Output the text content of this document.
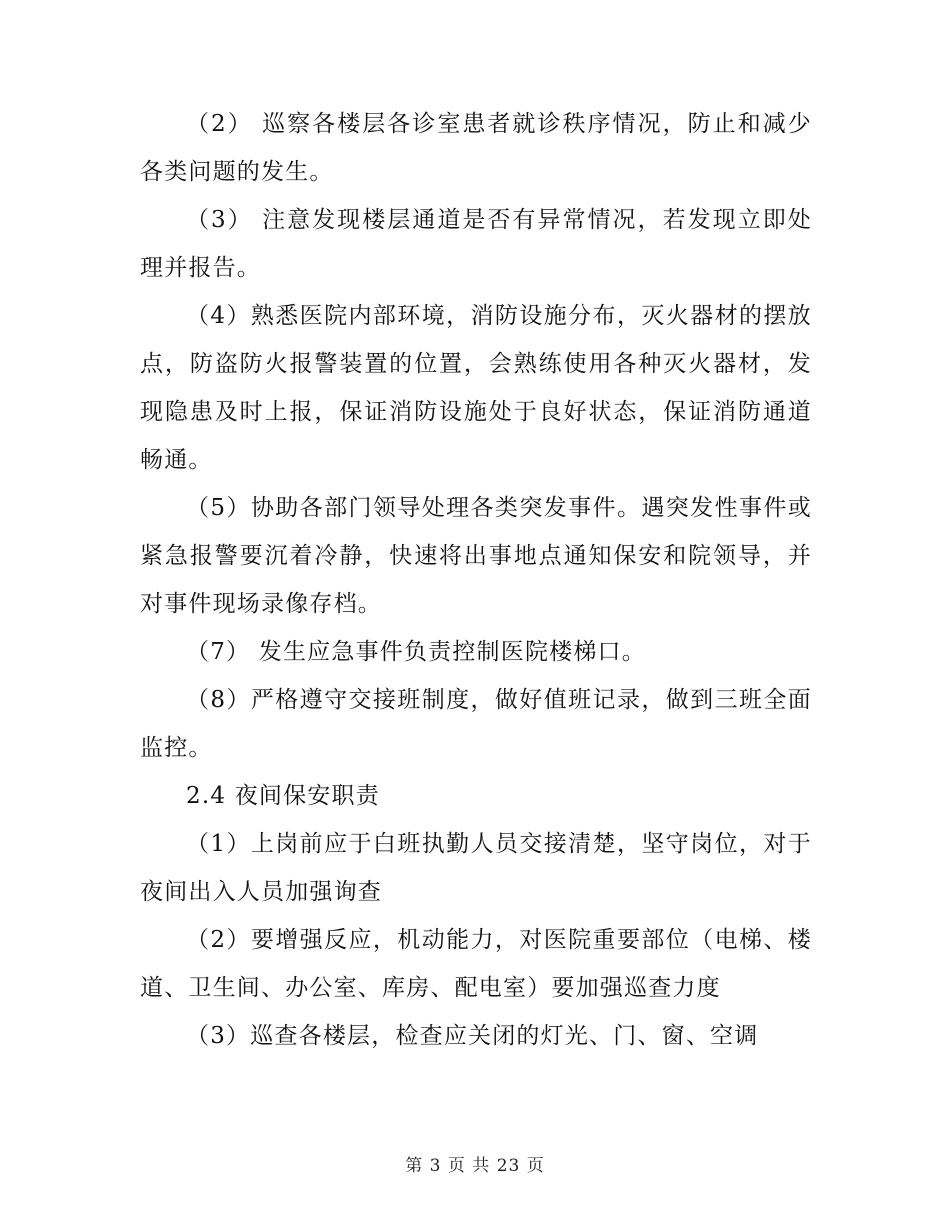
（2） 巡察各楼层各诊室患者就诊秩序情况，防止和减少各类问题的发生。

（3） 注意发现楼层通道是否有异常情况，若发现立即处理并报告。

（4）熟悉医院内部环境，消防设施分布，灭火器材的摆放点，防盗防火报警装置的位置，会熟练使用各种灭火器材，发现隐患及时上报，保证消防设施处于良好状态，保证消防通道畅通。

（5）协助各部门领导处理各类突发事件。遇突发性事件或紧急报警要沉着冷静，快速将出事地点通知保安和院领导，并对事件现场录像存档。

（7） 发生应急事件负责控制医院楼梯口。

（8）严格遵守交接班制度，做好值班记录，做到三班全面监控。

2.4 夜间保安职责

（1）上岗前应于白班执勤人员交接清楚，坚守岗位，对于夜间出入人员加强询查

（2）要增强反应，机动能力，对医院重要部位（电梯、楼道、卫生间、办公室、库房、配电室）要加强巡查力度

（3）巡查各楼层，检查应关闭的灯光、门、窗、空调

第 3 页 共 23 页
